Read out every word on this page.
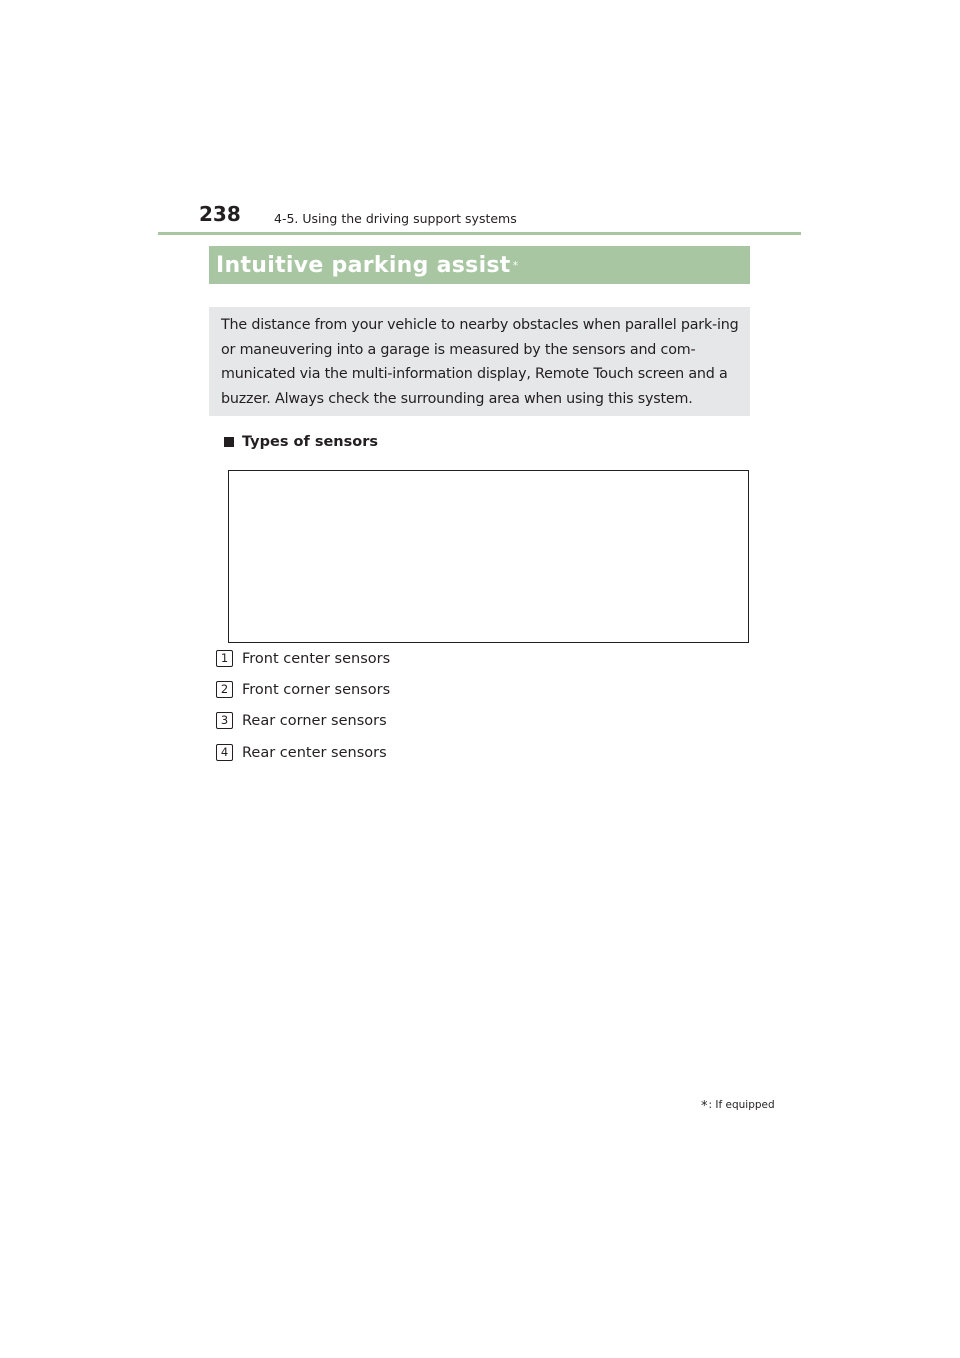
238	4-5. Using the driving support systems
Intuitive parking assist *

The distance from your vehicle to nearby obstacles when parallel park-ing or maneuvering into a garage is measured by the sensors and com-municated via the multi-information display, Remote Touch screen and a buzzer. Always check the surrounding area when using this system.

Types of sensors
1 Front center sensors
2 Front corner sensors
3 Rear corner sensors
4 Rear center sensors
*: If equipped
